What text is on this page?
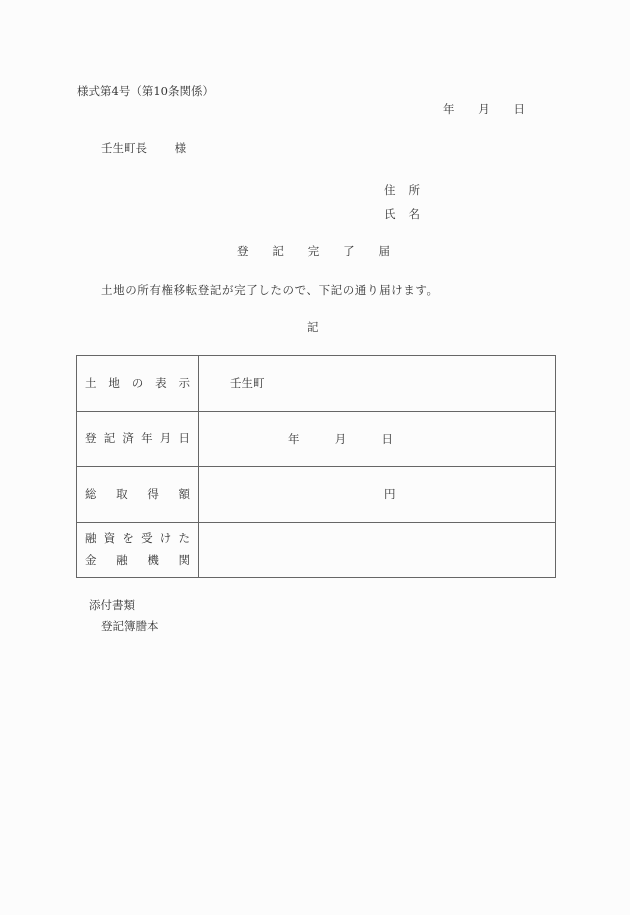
様式第4号（第10条関係）
年 月 日
壬生町長 様
住 所
氏 名
登 記 完 了 届
土地の所有権移転登記が完了したので、下記の通り届けます。
記
土 地 の 表 示	壬生町

登 記 済 年 月 日	年	月	日

総 取 得 額	円

融 資 を 受 け た
金 融 機 関

添付書類
登記簿謄本
